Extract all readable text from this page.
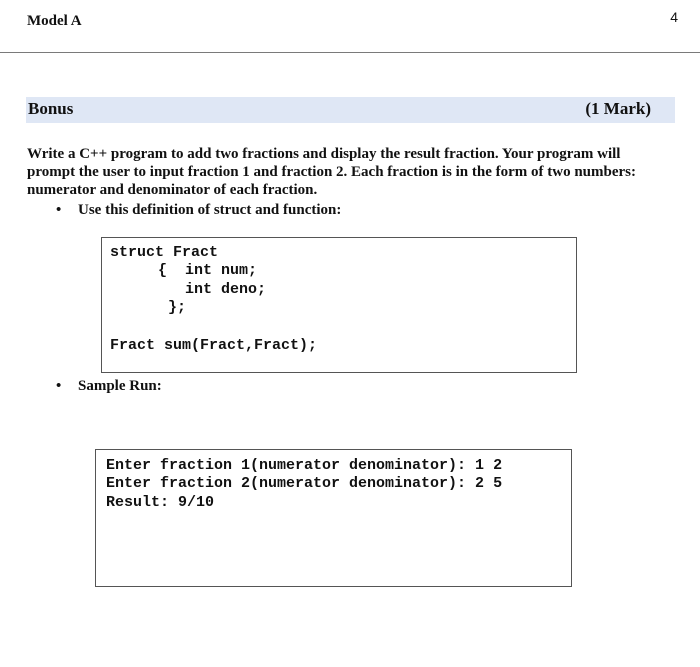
Model A	4
Bonus	(1 Mark)

Write a C++ program to add two fractions and display the result fraction. Your program will prompt the user to input fraction 1 and fraction 2. Each fraction is in the form of two numbers: numerator and denominator of each fraction.

• Use this definition of struct and function:
struct Fract
{  int num;
int deno;
};
Fract sum(Fract,Fract);
• Sample Run:
Enter fraction 1(numerator denominator): 1 2
Enter fraction 2(numerator denominator): 2 5
Result: 9/10
